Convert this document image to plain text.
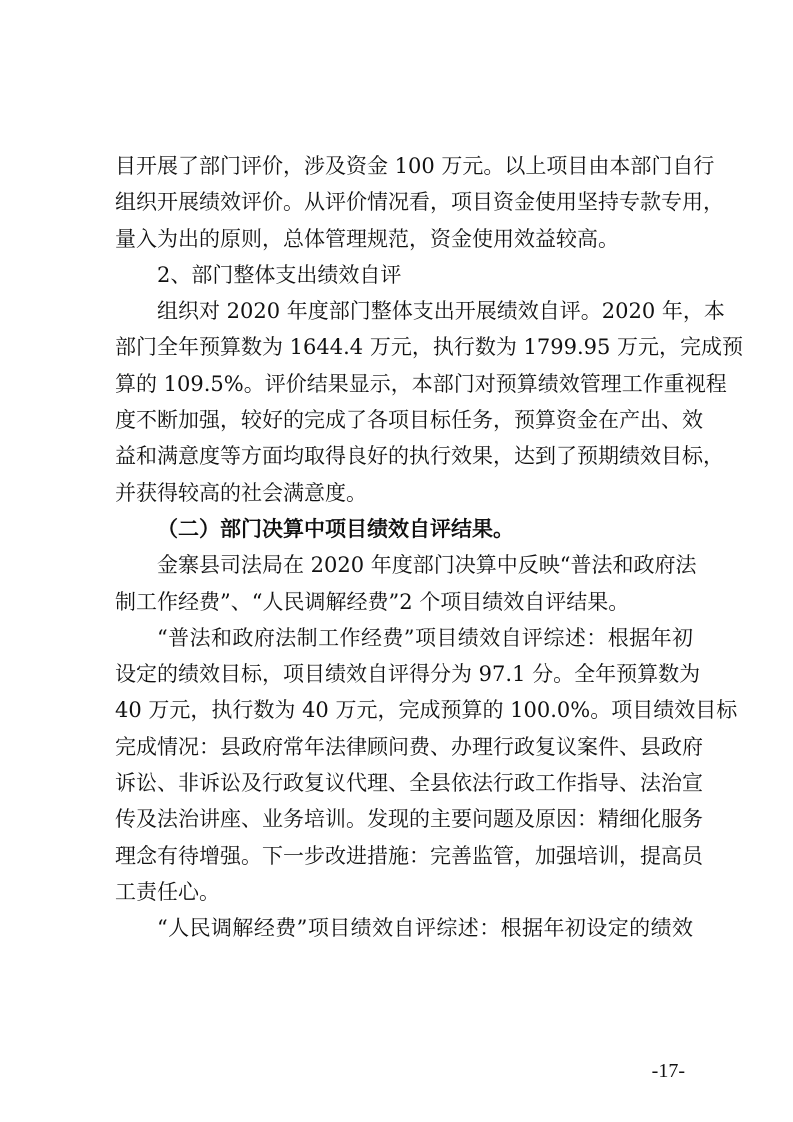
目开展了部门评价，涉及资金 100 万元。以上项目由本部门自行
组织开展绩效评价。从评价情况看，项目资金使用坚持专款专用，
量入为出的原则，总体管理规范，资金使用效益较高。
2、部门整体支出绩效自评
组织对 2020 年度部门整体支出开展绩效自评。2020 年，本
部门全年预算数为 1644.4 万元，执行数为 1799.95 万元，完成预
算的 109.5%。评价结果显示，本部门对预算绩效管理工作重视程
度不断加强，较好的完成了各项目标任务，预算资金在产出、效
益和满意度等方面均取得良好的执行效果，达到了预期绩效目标，
并获得较高的社会满意度。
（二）部门决算中项目绩效自评结果。
金寨县司法局在 2020 年度部门决算中反映“普法和政府法
制工作经费”、“人民调解经费”2 个项目绩效自评结果。
“普法和政府法制工作经费”项目绩效自评综述：根据年初
设定的绩效目标，项目绩效自评得分为 97.1 分。全年预算数为
40 万元，执行数为 40 万元，完成预算的 100.0%。项目绩效目标
完成情况：县政府常年法律顾问费、办理行政复议案件、县政府
诉讼、非诉讼及行政复议代理、全县依法行政工作指导、法治宣
传及法治讲座、业务培训。发现的主要问题及原因：精细化服务
理念有待增强。下一步改进措施：完善监管，加强培训，提高员
工责任心。
“人民调解经费”项目绩效自评综述：根据年初设定的绩效
-17-
